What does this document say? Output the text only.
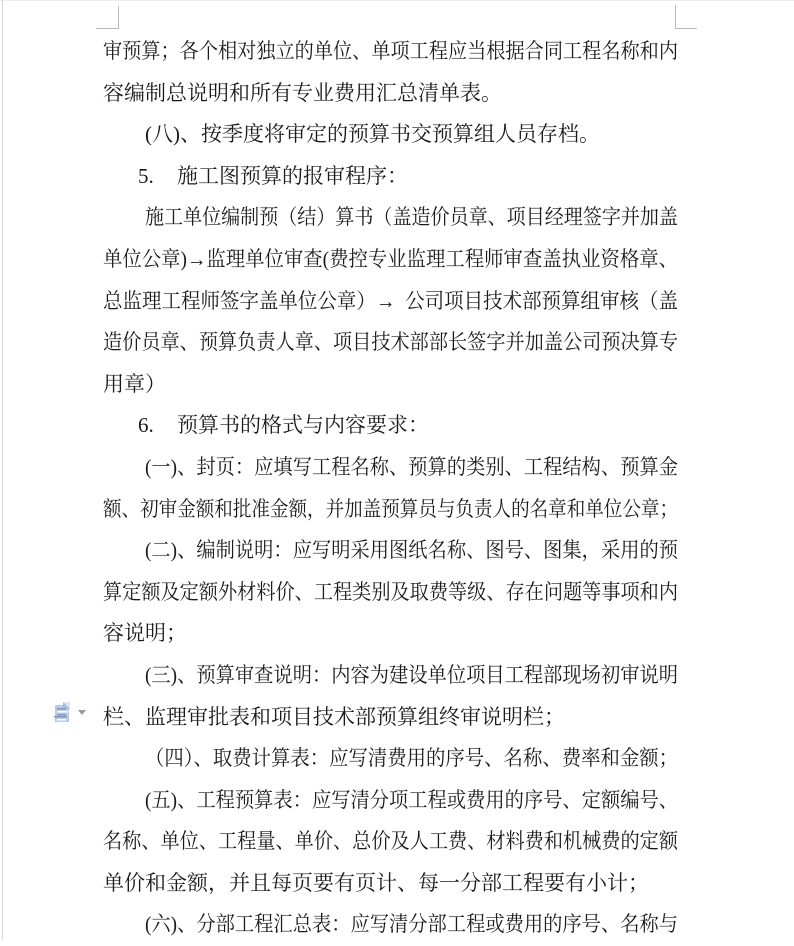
审预算；各个相对独立的单位、单项工程应当根据合同工程名称和内
容编制总说明和所有专业费用汇总清单表。
(八)、按季度将审定的预算书交预算组人员存档。
5. 施工图预算的报审程序：
施工单位编制预（结）算书（盖造价员章、项目经理签字并加盖
单位公章)→监理单位审查(费控专业监理工程师审查盖执业资格章、
总监理工程师签字盖单位公章）→  公司项目技术部预算组审核（盖
造价员章、预算负责人章、项目技术部部长签字并加盖公司预决算专
用章）
6. 预算书的格式与内容要求：
(一)、封页：应填写工程名称、预算的类别、工程结构、预算金
额、初审金额和批准金额，并加盖预算员与负责人的名章和单位公章；
(二)、编制说明：应写明采用图纸名称、图号、图集，采用的预
算定额及定额外材料价、工程类别及取费等级、存在问题等事项和内
容说明；
(三)、预算审查说明：内容为建设单位项目工程部现场初审说明
栏、监理审批表和项目技术部预算组终审说明栏；
（四）、取费计算表：应写清费用的序号、名称、费率和金额；
(五)、工程预算表：应写清分项工程或费用的序号、定额编号、
名称、单位、工程量、单价、总价及人工费、材料费和机械费的定额
单价和金额，并且每页要有页计、每一分部工程要有小计；
(六)、分部工程汇总表：应写清分部工程或费用的序号、名称与
